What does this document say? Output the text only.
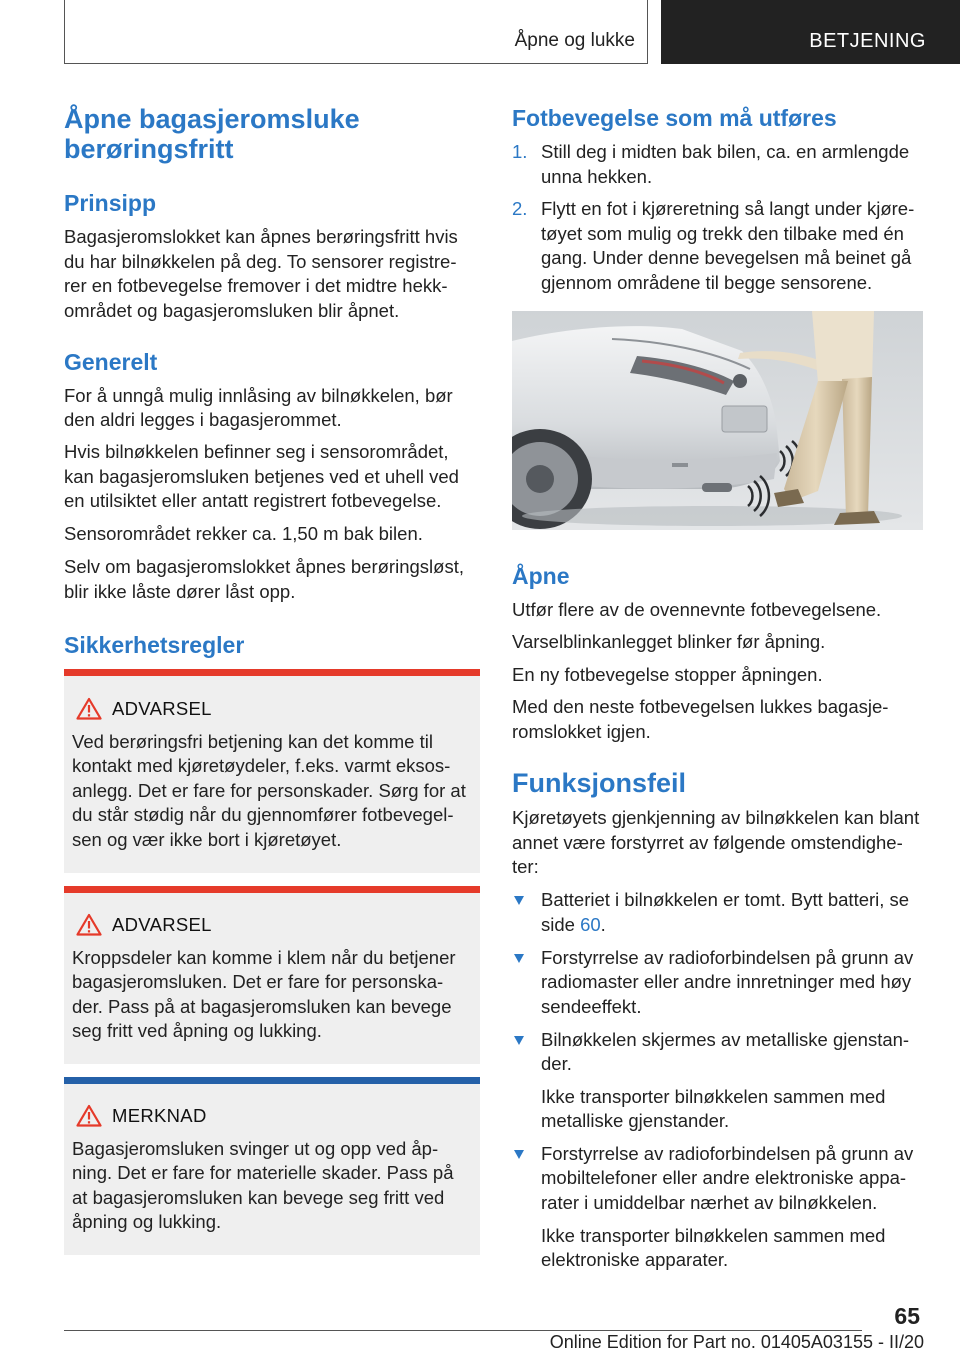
Åpne og lukke	BETJENING
Åpne bagasjeromsluke
berøringsfritt
Prinsipp

Bagasjeromslokket kan åpnes berøringsfritt hvis

du har bilnøkkelen på deg. To sensorer registre-

rer en fotbevegelse fremover i det midtre hekk-

området og bagasjeromsluken blir åpnet.

Generelt

For å unngå mulig innlåsing av bilnøkkelen, bør

den aldri legges i bagasjerommet.

Hvis bilnøkkelen befinner seg i sensorområdet,

kan bagasjeromsluken betjenes ved et uhell ved

en utilsiktet eller antatt registrert fotbevegelse.

Sensorområdet rekker ca. 1,50 m bak bilen.

Selv om bagasjeromslokket åpnes berøringsløst,

blir ikke låste dører låst opp.

Sikkerhetsregler
ADVARSEL

Ved berøringsfri betjening kan det komme til

kontakt med kjøretøydeler, f.eks. varmt eksos-

anlegg. Det er fare for personskader. Sørg for at

du står stødig når du gjennomfører fotbevegel-

sen og vær ikke bort i kjøretøyet.

ADVARSEL

Kroppsdeler kan komme i klem når du betjener

bagasjeromsluken. Det er fare for personska-

der. Pass på at bagasjeromsluken kan bevege

seg fritt ved åpning og lukking.

MERKNAD

Bagasjeromsluken svinger ut og opp ved åp-

ning. Det er fare for materielle skader. Pass på

at bagasjeromsluken kan bevege seg fritt ved

åpning og lukking.

Fotbevegelse som må utføres
1. Still deg i midten bak bilen, ca. en armlengde

unna hekken.

2. Flytt en fot i kjøreretning så langt under kjøre-

tøyet som mulig og trekk den tilbake med én

gang. Under denne bevegelsen må beinet gå

gjennom områdene til begge sensorene.

Åpne

Utfør flere av de ovennevnte fotbevegelsene.

Varselblinkanlegget blinker før åpning.

En ny fotbevegelse stopper åpningen.

Med den neste fotbevegelsen lukkes bagasje-

romslokket igjen.

Funksjonsfeil

Kjøretøyets gjenkjenning av bilnøkkelen kan blant

annet være forstyrret av følgende omstendighe-

ter:

Batteriet i bilnøkkelen er tomt. Bytt batteri, se

side 60.

Forstyrrelse av radioforbindelsen på grunn av

radiomaster eller andre innretninger med høy

sendeeffekt.

Bilnøkkelen skjermes av metalliske gjenstan-

der.

Ikke transporter bilnøkkelen sammen med

metalliske gjenstander.

Forstyrrelse av radioforbindelsen på grunn av

mobiltelefoner eller andre elektroniske appa-

rater i umiddelbar nærhet av bilnøkkelen.

Ikke transporter bilnøkkelen sammen med

elektroniske apparater.

65
Online Edition for Part no. 01405A03155 - II/20
